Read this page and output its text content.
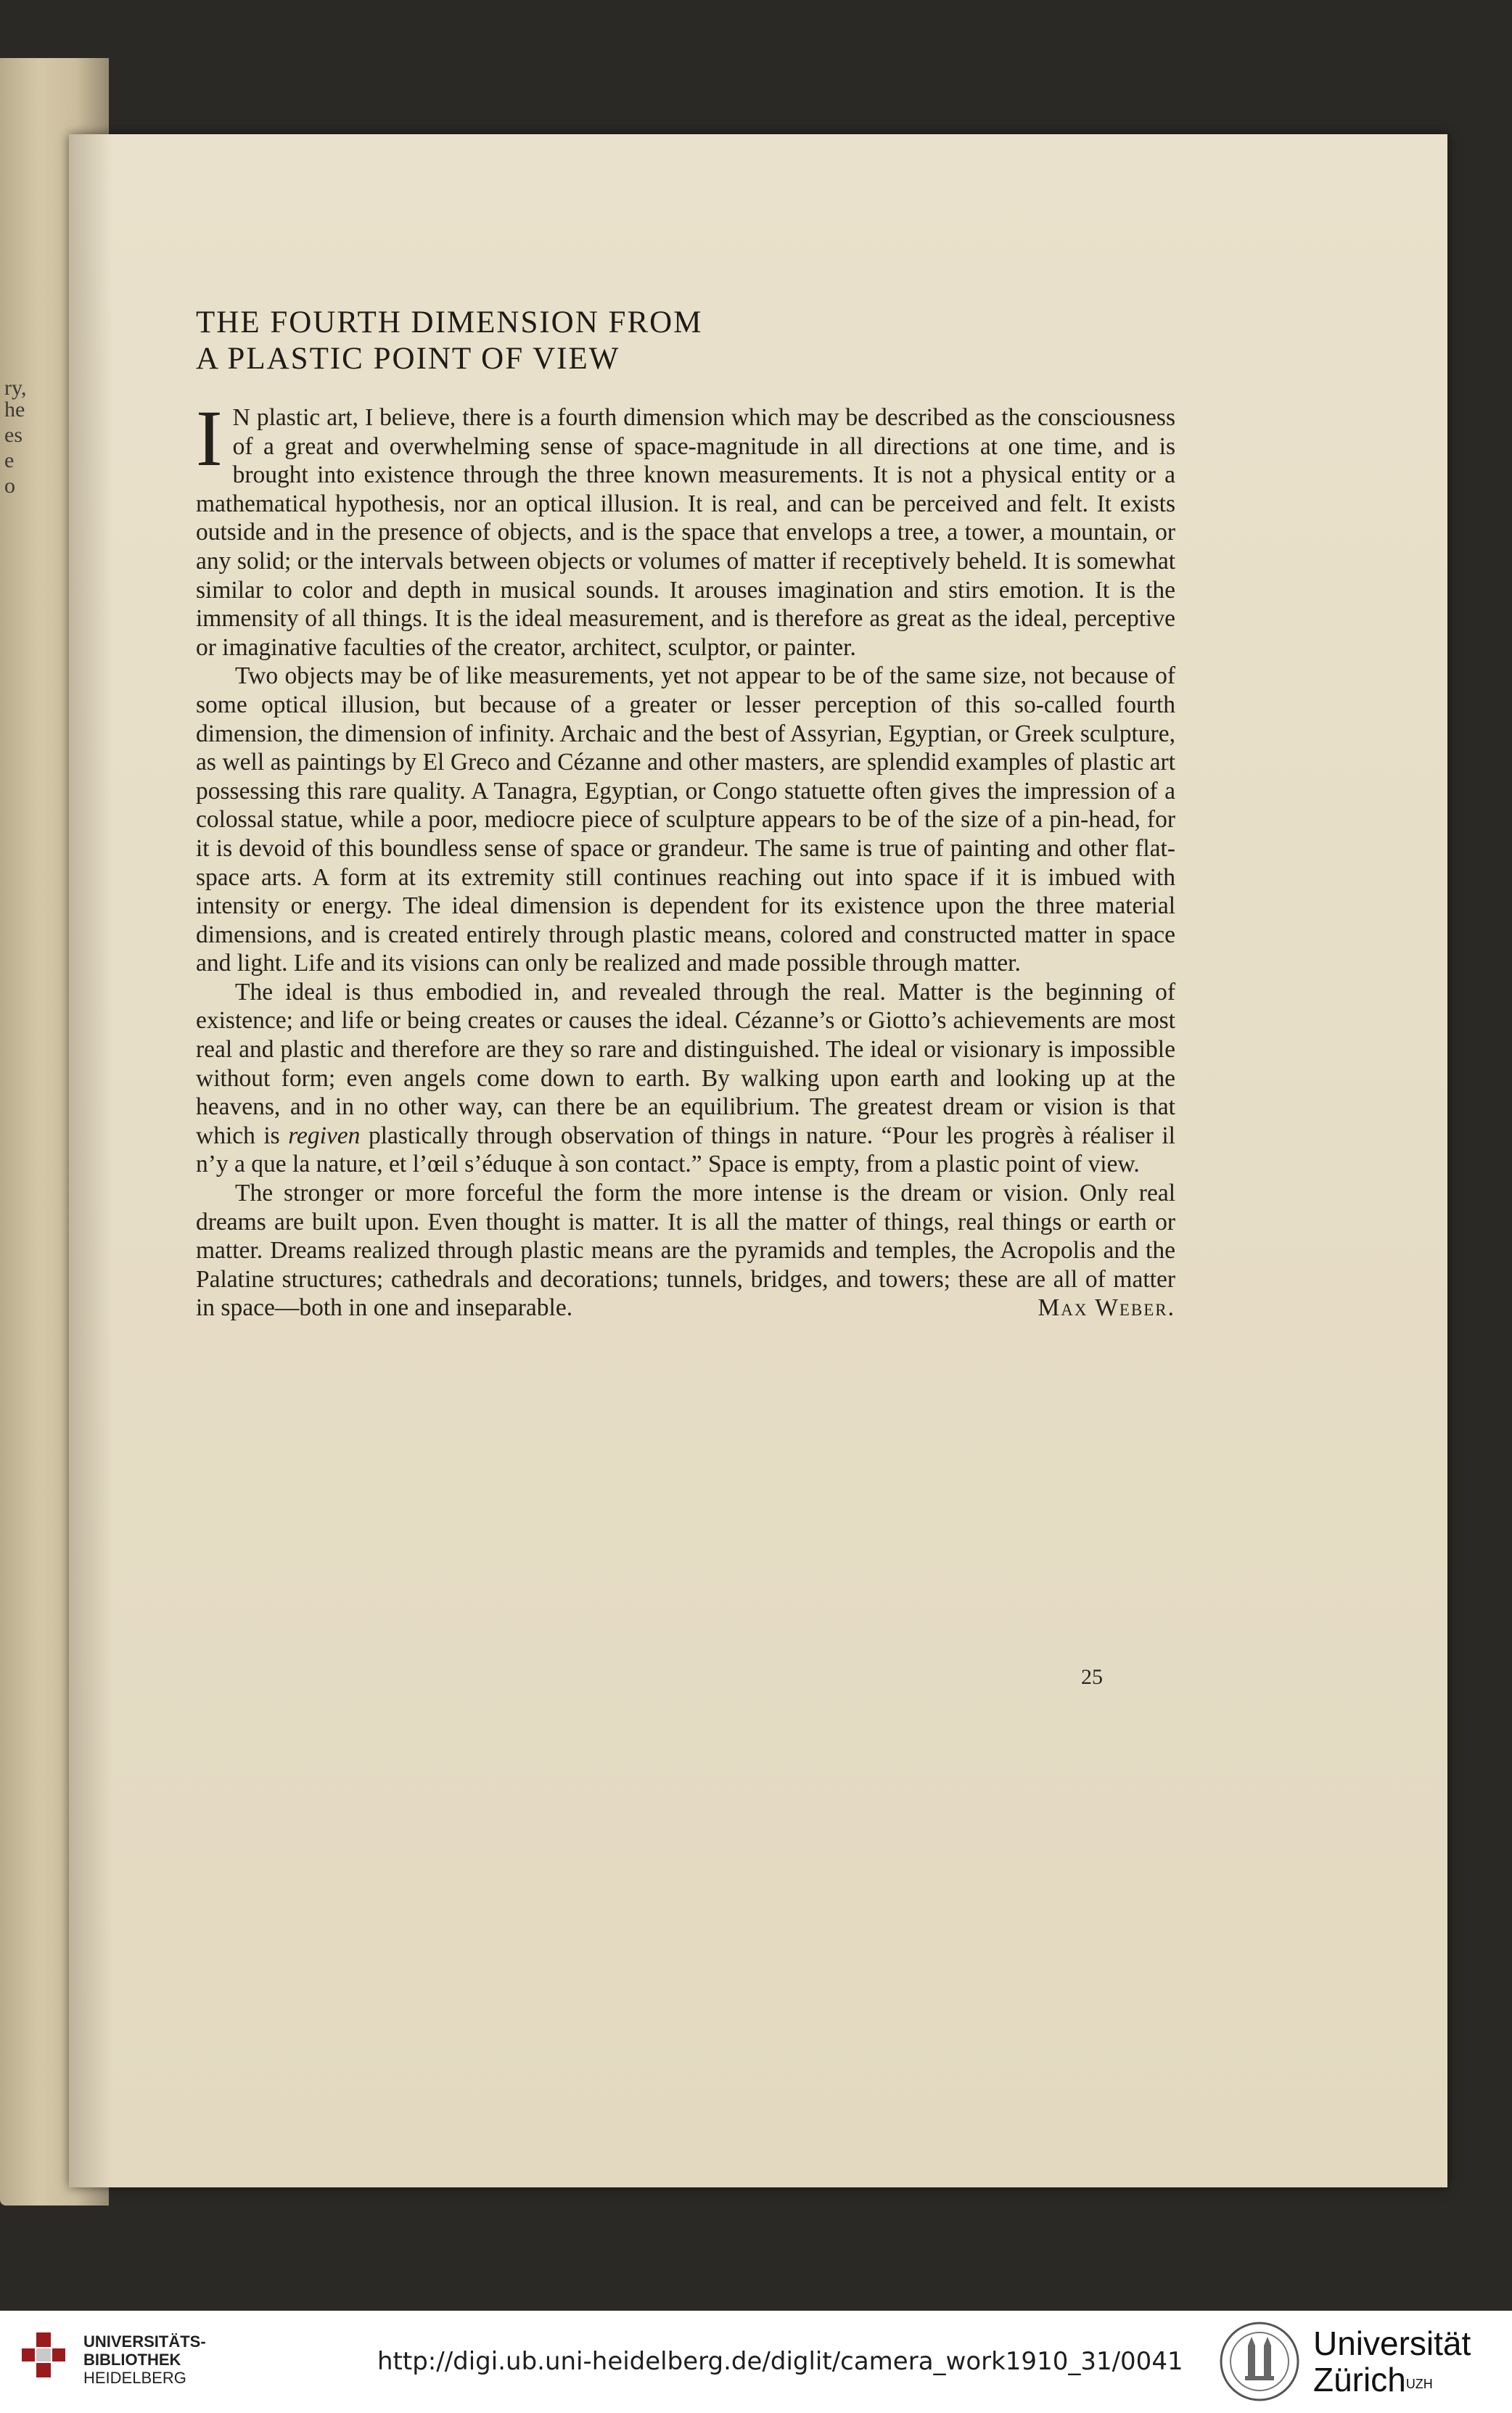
ry,
he
es
e
o
THE FOURTH DIMENSION FROM
A PLASTIC POINT OF VIEW

I N plastic art, I believe, there is a fourth dimension which may be described as the consciousness of a great and overwhelming sense of space-magnitude in all directions at one time, and is brought into existence through the three known measurements. It is not a physical entity or a mathematical hypothesis, nor an optical illusion. It is real, and can be perceived and felt. It exists outside and in the presence of objects, and is the space that envelops a tree, a tower, a mountain, or any solid; or the intervals between objects or volumes of matter if receptively beheld. It is somewhat similar to color and depth in musical sounds. It arouses imagination and stirs emotion. It is the immensity of all things. It is the ideal measurement, and is therefore as great as the ideal, perceptive or imaginative faculties of the creator, architect, sculptor, or painter.

Two objects may be of like measurements, yet not appear to be of the same size, not because of some optical illusion, but because of a greater or lesser perception of this so-called fourth dimension, the dimension of infinity. Archaic and the best of Assyrian, Egyptian, or Greek sculpture, as well as paintings by El Greco and Cézanne and other masters, are splendid examples of plastic art possessing this rare quality. A Tanagra, Egyptian, or Congo statuette often gives the impression of a colossal statue, while a poor, mediocre piece of sculpture appears to be of the size of a pin-head, for it is devoid of this boundless sense of space or grandeur. The same is true of painting and other flat-space arts. A form at its extremity still continues reaching out into space if it is imbued with intensity or energy. The ideal dimension is dependent for its existence upon the three material dimensions, and is created entirely through plastic means, colored and constructed matter in space and light. Life and its visions can only be realized and made possible through matter.

The ideal is thus embodied in, and revealed through the real. Matter is the beginning of existence; and life or being creates or causes the ideal. Cézanne’s or Giotto’s achievements are most real and plastic and therefore are they so rare and distinguished. The ideal or visionary is impossible without form; even angels come down to earth. By walking upon earth and looking up at the heavens, and in no other way, can there be an equilibrium. The greatest dream or vision is that which is regiven plastically through observation of things in nature. “Pour les progrès à réaliser il n’y a que la nature, et l’œil s’éduque à son contact.” Space is empty, from a plastic point of view.

The stronger or more forceful the form the more intense is the dream or vision. Only real dreams are built upon. Even thought is matter. It is all the matter of things, real things or earth or matter. Dreams realized through plastic means are the pyramids and temples, the Acropolis and the Palatine structures; cathedrals and decorations; tunnels, bridges, and towers; these are all of matter in space—both in one and inseparable.	Max Weber.

25
UNIVERSITÄTS-
BIBLIOTHEK
HEIDELBERG
http://digi.ub.uni-heidelberg.de/diglit/camera_work1910_31/0041	Universität
Zürich$^{UZH}$
